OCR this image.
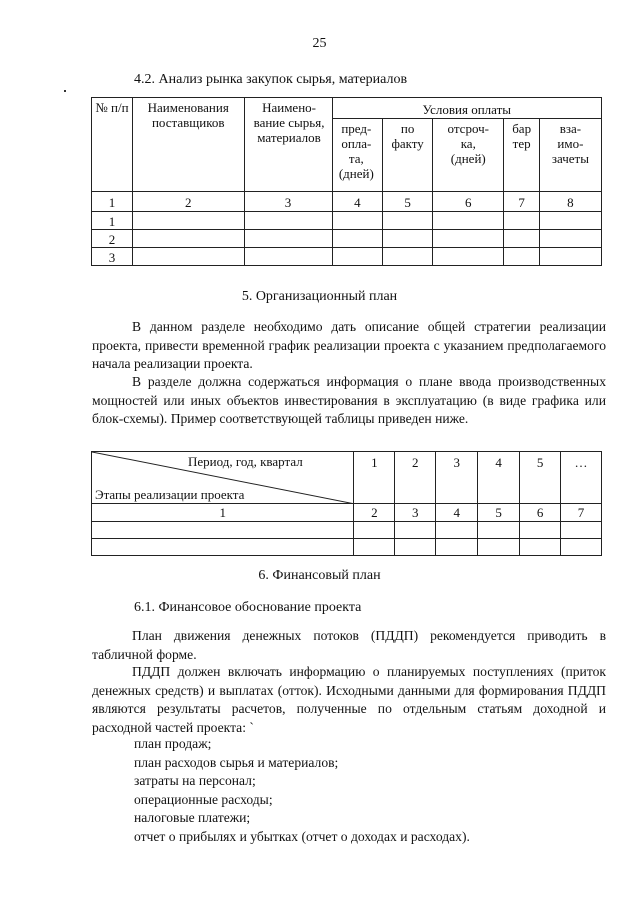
25
4.2. Анализ рынка закупок сырья, материалов
№ п/п	Наименования поставщиков	Наимено-вание сырья, материалов	Условия оплаты				
			пред-опла-та, (дней)	по факту	отсроч-ка, (дней)	бар тер	вза-имо-зачеты
1	2	3	4	5	6	7	8
1							
2							
3							
5. Организационный план
В данном разделе необходимо дать описание общей стратегии реализации проекта, привести временной график реализации проекта с указанием предполагаемого начала реализации проекта.
В разделе должна содержаться информация о плане ввода производственных мощностей или иных объектов инвестирования в эксплуатацию (в виде графика или блок-схемы). Пример соответствующей таблицы приведен ниже.
Период, год, квартал
Этапы реализации проекта	1	2	3	4	5	…
1	2	3	4	5	6	7

6. Финансовый план
6.1. Финансовое обоснование проекта
План движения денежных потоков (ПДДП) рекомендуется приводить в табличной форме.
ПДДП должен включать информацию о планируемых поступлениях (приток денежных средств) и выплатах (отток). Исходными данными для формирования ПДДП являются результаты расчетов, полученные по отдельным статьям доходной и расходной частей проекта: `
план продаж;
план расходов сырья и материалов;
затраты на персонал;
операционные расходы;
налоговые платежи;
отчет о прибылях и убытках (отчет о доходах и расходах).
